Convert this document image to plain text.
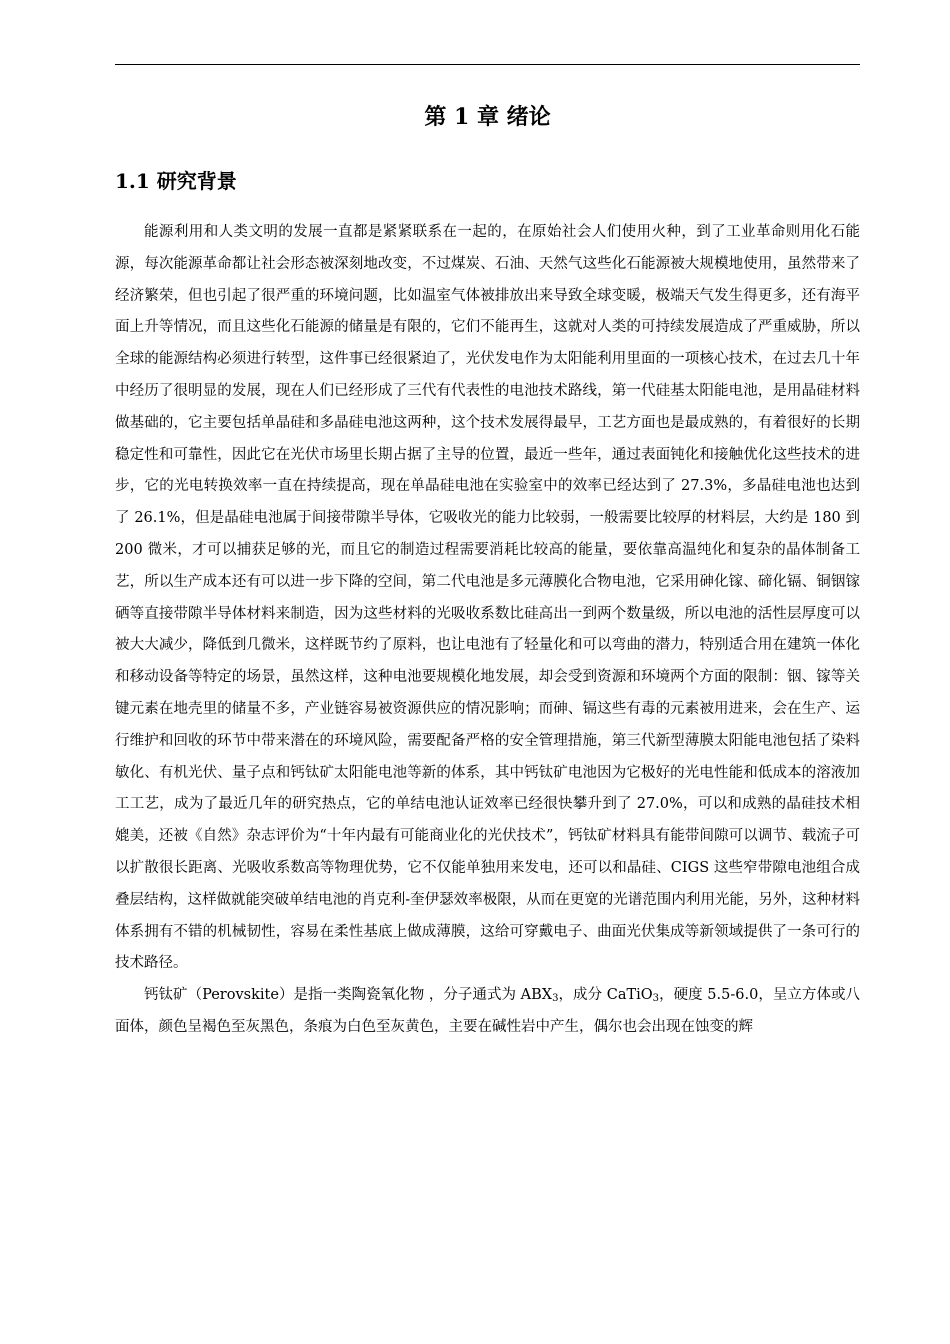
第 1 章 绪论
1.1 研究背景

能源利用和人类文明的发展一直都是紧紧联系在一起的，在原始社会人们使用火种，到了工业革命则用化石能源，每次能源革命都让社会形态被深刻地改变，不过煤炭、石油、天然气这些化石能源被大规模地使用，虽然带来了经济繁荣，但也引起了很严重的环境问题，比如温室气体被排放出来导致全球变暖，极端天气发生得更多，还有海平面上升等情况，而且这些化石能源的储量是有限的，它们不能再生，这就对人类的可持续发展造成了严重威胁，所以全球的能源结构必须进行转型，这件事已经很紧迫了，光伏发电作为太阳能利用里面的一项核心技术，在过去几十年中经历了很明显的发展，现在人们已经形成了三代有代表性的电池技术路线，第一代硅基太阳能电池，是用晶硅材料做基础的，它主要包括单晶硅和多晶硅电池这两种，这个技术发展得最早，工艺方面也是最成熟的，有着很好的长期稳定性和可靠性，因此它在光伏市场里长期占据了主导的位置，最近一些年，通过表面钝化和接触优化这些技术的进步，它的光电转换效率一直在持续提高，现在单晶硅电池在实验室中的效率已经达到了 27.3%，多晶硅电池也达到了 26.1%，但是晶硅电池属于间接带隙半导体，它吸收光的能力比较弱，一般需要比较厚的材料层，大约是 180 到 200 微米，才可以捕获足够的光，而且它的制造过程需要消耗比较高的能量，要依靠高温纯化和复杂的晶体制备工艺，所以生产成本还有可以进一步下降的空间，第二代电池是多元薄膜化合物电池，它采用砷化镓、碲化镉、铜铟镓硒等直接带隙半导体材料来制造，因为这些材料的光吸收系数比硅高出一到两个数量级，所以电池的活性层厚度可以被大大减少，降低到几微米，这样既节约了原料，也让电池有了轻量化和可以弯曲的潜力，特别适合用在建筑一体化和移动设备等特定的场景，虽然这样，这种电池要规模化地发展，却会受到资源和环境两个方面的限制：铟、镓等关键元素在地壳里的储量不多，产业链容易被资源供应的情况影响；而砷、镉这些有毒的元素被用进来，会在生产、运行维护和回收的环节中带来潜在的环境风险，需要配备严格的安全管理措施，第三代新型薄膜太阳能电池包括了染料敏化、有机光伏、量子点和钙钛矿太阳能电池等新的体系，其中钙钛矿电池因为它极好的光电性能和低成本的溶液加工工艺，成为了最近几年的研究热点，它的单结电池认证效率已经很快攀升到了 27.0%，可以和成熟的晶硅技术相媲美，还被《自然》杂志评价为“十年内最有可能商业化的光伏技术”，钙钛矿材料具有能带间隙可以调节、载流子可以扩散很长距离、光吸收系数高等物理优势，它不仅能单独用来发电，还可以和晶硅、CIGS 这些窄带隙电池组合成叠层结构，这样做就能突破单结电池的肖克利-奎伊瑟效率极限，从而在更宽的光谱范围内利用光能，另外，这种材料体系拥有不错的机械韧性，容易在柔性基底上做成薄膜，这给可穿戴电子、曲面光伏集成等新领域提供了一条可行的技术路径。

钙钛矿（Perovskite）是指一类陶瓷氧化物 ，分子通式为 $ABX_3$，成分 CaTiO$_3$，硬度 5.5-6.0，呈立方体或八面体，颜色呈褐色至灰黑色，条痕为白色至灰黄色，主要在碱性岩中产生，偶尔也会出现在蚀变的辉
